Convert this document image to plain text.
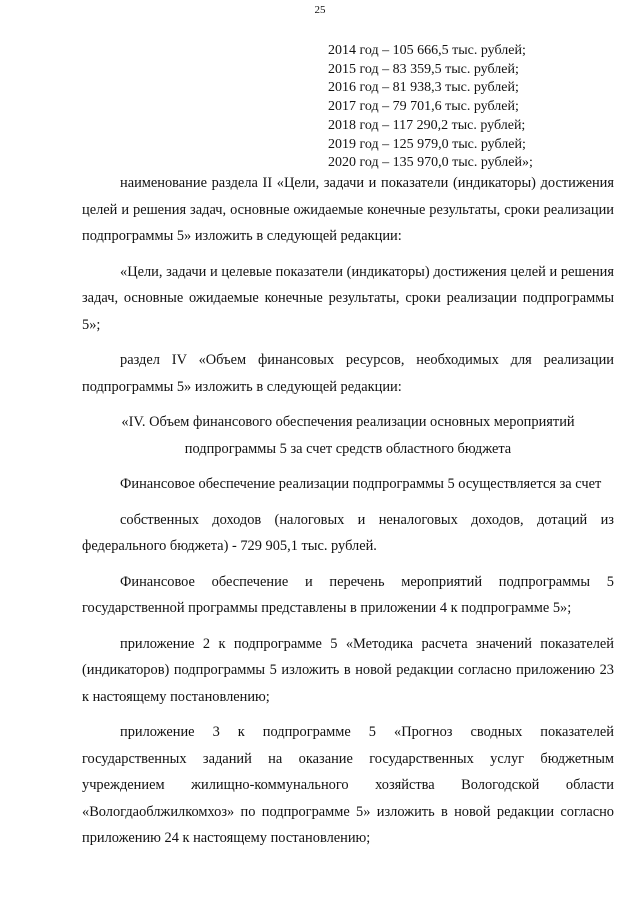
25
2014 год – 105 666,5 тыс. рублей;
2015 год – 83 359,5 тыс. рублей;
2016 год – 81 938,3 тыс. рублей;
2017 год – 79 701,6 тыс. рублей;
2018 год – 117 290,2 тыс. рублей;
2019 год – 125 979,0 тыс. рублей;
2020 год – 135 970,0 тыс. рублей»;

наименование раздела II «Цели, задачи и показатели (индикаторы) достижения целей и решения задач, основные ожидаемые конечные результаты, сроки реализации подпрограммы 5» изложить в следующей редакции:

«Цели, задачи и целевые показатели (индикаторы) достижения целей и решения задач, основные ожидаемые конечные результаты, сроки реализации подпрограммы 5»;

раздел IV «Объем финансовых ресурсов, необходимых для реализации подпрограммы 5» изложить в следующей редакции:

«IV. Объем финансового обеспечения реализации основных мероприятий подпрограммы 5 за счет средств областного бюджета

Финансовое обеспечение реализации подпрограммы 5 осуществляется за счет

собственных доходов (налоговых и неналоговых доходов, дотаций из федерального бюджета) - 729 905,1 тыс. рублей.

Финансовое обеспечение и перечень мероприятий подпрограммы 5 государственной программы представлены в приложении 4 к подпрограмме 5»;

приложение 2 к подпрограмме 5 «Методика расчета значений показателей (индикаторов) подпрограммы 5 изложить в новой редакции согласно приложению 23 к настоящему постановлению;

приложение 3 к подпрограмме 5 «Прогноз сводных показателей государственных заданий на оказание государственных услуг бюджетным учреждением жилищно-коммунального хозяйства Вологодской области «Вологдаоблжилкомхоз» по подпрограмме 5» изложить в новой редакции согласно приложению 24 к настоящему постановлению;
